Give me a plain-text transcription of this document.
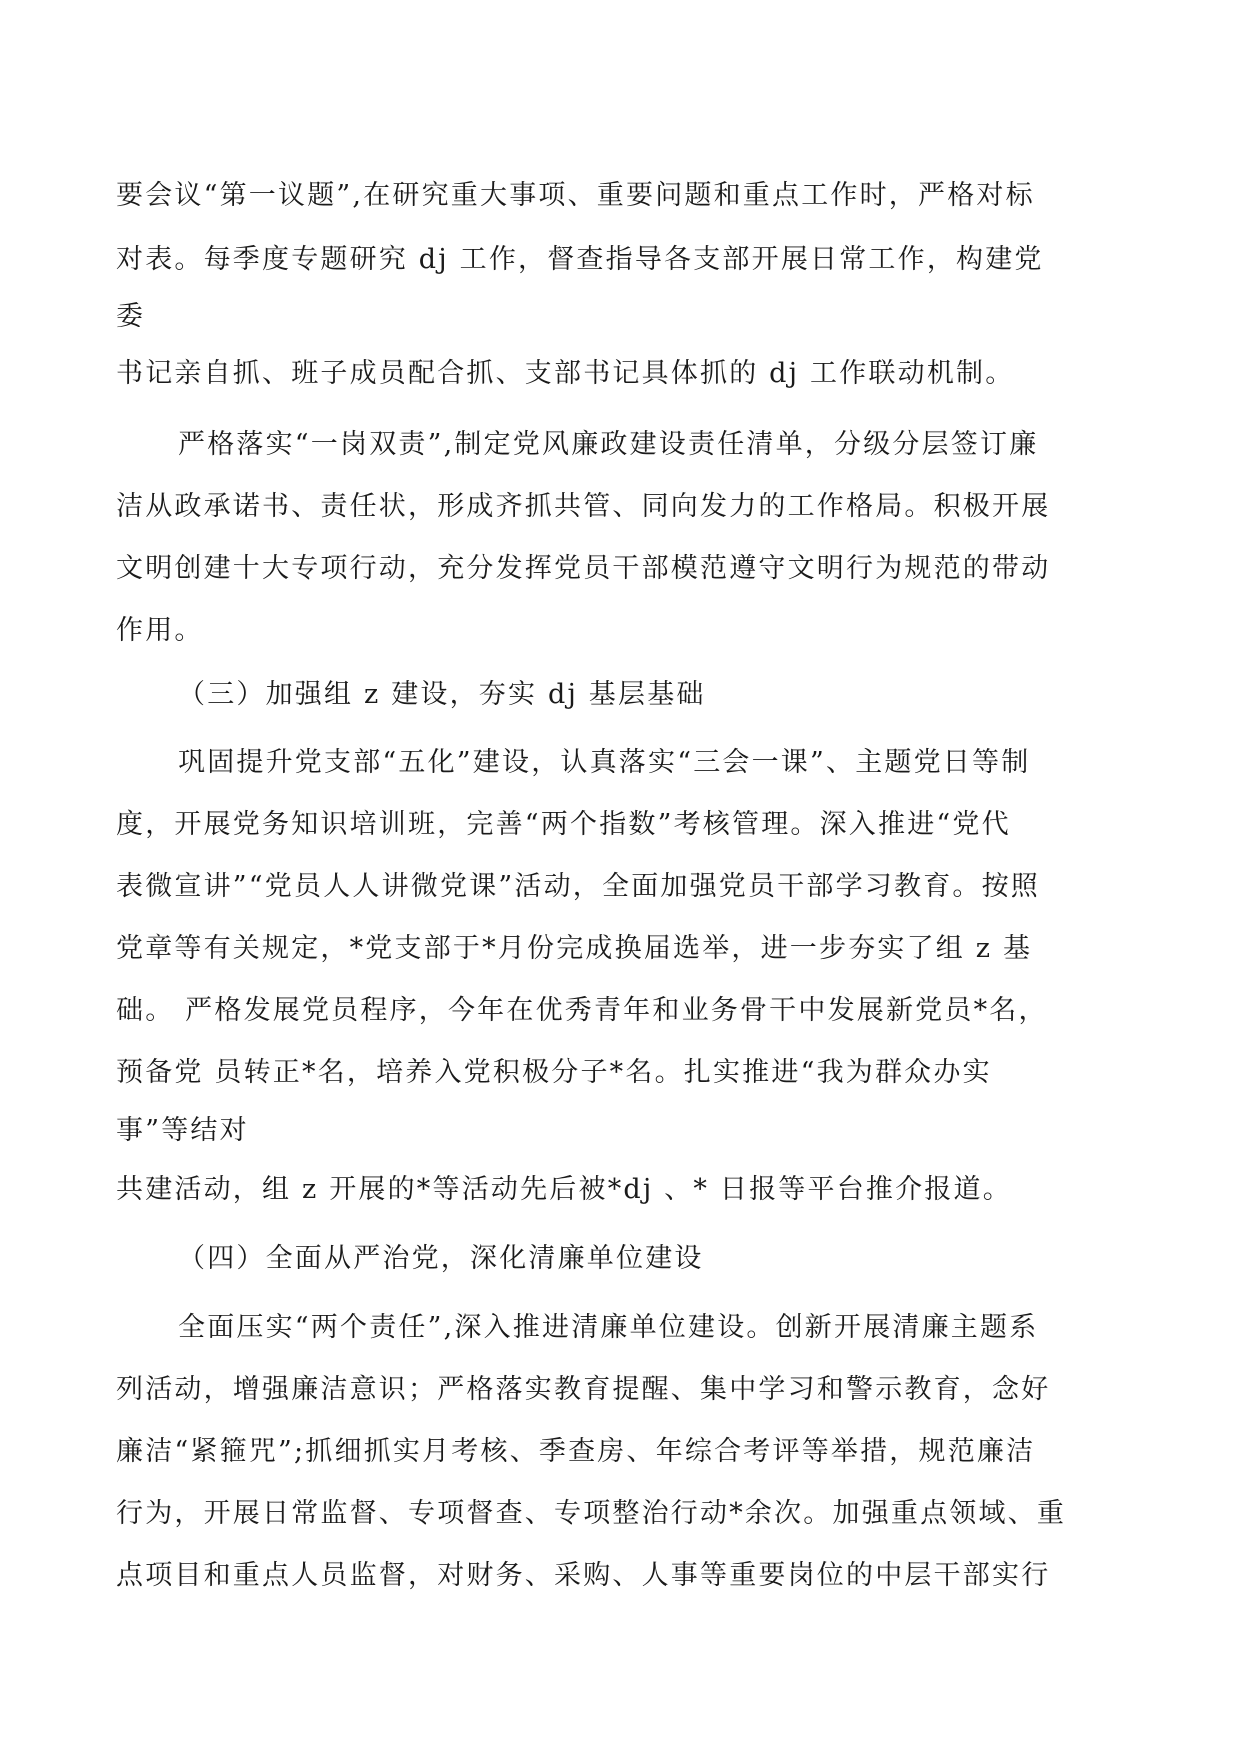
要会议“第一议题”,在研究重大事项、重要问题和重点工作时，严格对标
对表。每季度专题研究 dj 工作，督查指导各支部开展日常工作，构建党
委
书记亲自抓、班子成员配合抓、支部书记具体抓的 dj 工作联动机制。
严格落实“一岗双责”,制定党风廉政建设责任清单，分级分层签订廉
洁从政承诺书、责任状，形成齐抓共管、同向发力的工作格局。积极开展
文明创建十大专项行动，充分发挥党员干部模范遵守文明行为规范的带动
作用。
（三）加强组 z 建设，夯实 dj 基层基础
巩固提升党支部“五化”建设，认真落实“三会一课”、主题党日等制
度，开展党务知识培训班，完善“两个指数”考核管理。深入推进“党代
表微宣讲”“党员人人讲微党课”活动，全面加强党员干部学习教育。按照
党章等有关规定，*党支部于*月份完成换届选举，进一步夯实了组 z 基
础。 严格发展党员程序，今年在优秀青年和业务骨干中发展新党员*名，
预备党 员转正*名，培养入党积极分子*名。扎实推进“我为群众办实
事”等结对
共建活动，组 z 开展的*等活动先后被*dj 、* 日报等平台推介报道。
（四）全面从严治党，深化清廉单位建设
全面压实“两个责任”,深入推进清廉单位建设。创新开展清廉主题系
列活动，增强廉洁意识；严格落实教育提醒、集中学习和警示教育，念好
廉洁“紧箍咒”;抓细抓实月考核、季查房、年综合考评等举措，规范廉洁
行为，开展日常监督、专项督查、专项整治行动*余次。加强重点领域、重
点项目和重点人员监督，对财务、采购、人事等重要岗位的中层干部实行
